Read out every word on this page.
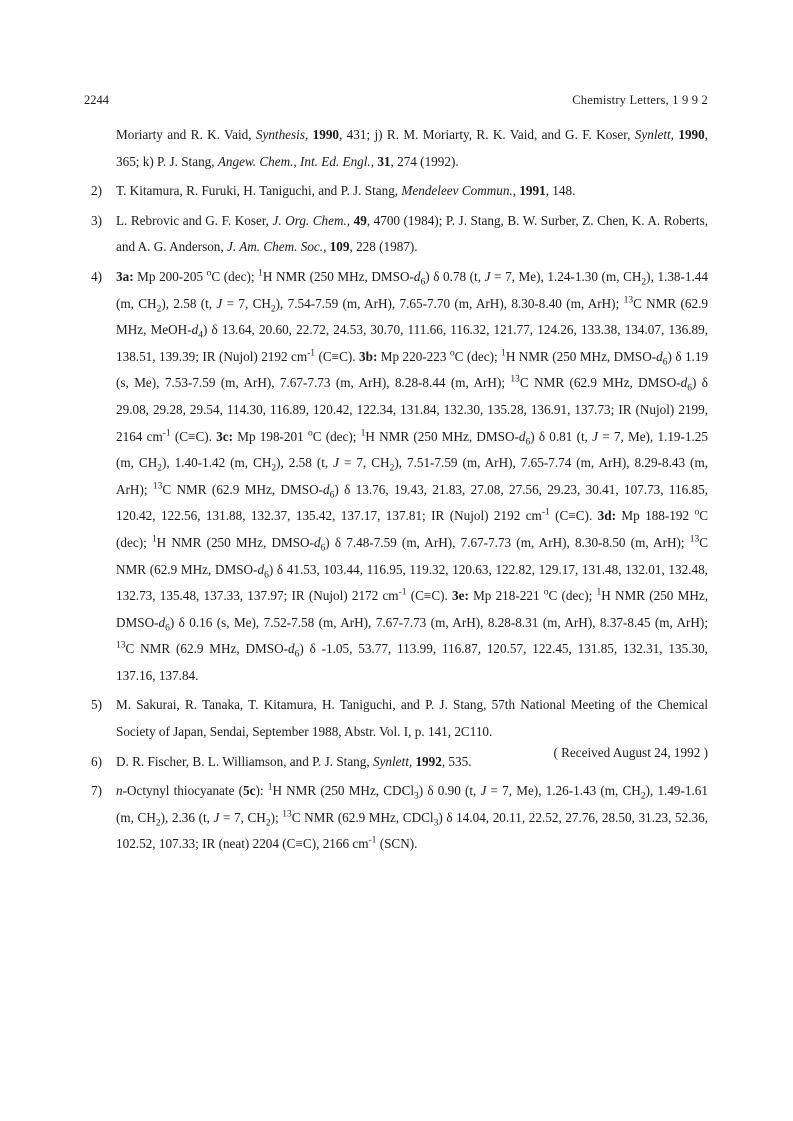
2244	Chemistry Letters, 1 9 9 2
Moriarty and R. K. Vaid, Synthesis, 1990, 431; j) R. M. Moriarty, R. K. Vaid, and G. F. Koser, Synlett, 1990, 365; k) P. J. Stang, Angew. Chem., Int. Ed. Engl., 31, 274 (1992).
2) T. Kitamura, R. Furuki, H. Taniguchi, and P. J. Stang, Mendeleev Commun., 1991, 148.
3) L. Rebrovic and G. F. Koser, J. Org. Chem., 49, 4700 (1984); P. J. Stang, B. W. Surber, Z. Chen, K. A. Roberts, and A. G. Anderson, J. Am. Chem. Soc., 109, 228 (1987).
4) 3a: Mp 200-205 $^o$C (dec); $^1$H NMR (250 MHz, DMSO-$d_6$) δ 0.78 (t, J = 7, Me), 1.24-1.30 (m, $CH_2$), 1.38-1.44 (m, $CH_2$), 2.58 (t, J = 7, $CH_2$), 7.54-7.59 (m, ArH), 7.65-7.70 (m, ArH), 8.30-8.40 (m, ArH); $^{13}$C NMR (62.9 MHz, MeOH-$d_4$) δ 13.64, 20.60, 22.72, 24.53, 30.70, 111.66, 116.32, 121.77, 124.26, 133.38, 134.07, 136.89, 138.51, 139.39; IR (Nujol) 2192 $cm^{-1}$ (C≡C). 3b: Mp 220-223 $^o$C (dec); $^1$H NMR (250 MHz, DMSO-$d_6$) δ 1.19 (s, Me), 7.53-7.59 (m, ArH), 7.67-7.73 (m, ArH), 8.28-8.44 (m, ArH); $^{13}$C NMR (62.9 MHz, DMSO-$d_6$) δ 29.08, 29.28, 29.54, 114.30, 116.89, 120.42, 122.34, 131.84, 132.30, 135.28, 136.91, 137.73; IR (Nujol) 2199, 2164 $cm^{-1}$ (C≡C). 3c: Mp 198-201 $^o$C (dec); $^1$H NMR (250 MHz, DMSO-$d_6$) δ 0.81 (t, J = 7, Me), 1.19-1.25 (m, $CH_2$), 1.40-1.42 (m, $CH_2$), 2.58 (t, J = 7, $CH_2$), 7.51-7.59 (m, ArH), 7.65-7.74 (m, ArH), 8.29-8.43 (m, ArH); $^{13}$C NMR (62.9 MHz, DMSO-$d_6$) δ 13.76, 19.43, 21.83, 27.08, 27.56, 29.23, 30.41, 107.73, 116.85, 120.42, 122.56, 131.88, 132.37, 135.42, 137.17, 137.81; IR (Nujol) 2192 $cm^{-1}$ (C≡C). 3d: Mp 188-192 $^o$C (dec); $^1$H NMR (250 MHz, DMSO-$d_6$) δ 7.48-7.59 (m, ArH), 7.67-7.73 (m, ArH), 8.30-8.50 (m, ArH); $^{13}$C NMR (62.9 MHz, DMSO-$d_6$) δ 41.53, 103.44, 116.95, 119.32, 120.63, 122.82, 129.17, 131.48, 132.01, 132.48, 132.73, 135.48, 137.33, 137.97; IR (Nujol) 2172 $cm^{-1}$ (C≡C). 3e: Mp 218-221 $^o$C (dec); $^1$H NMR (250 MHz, DMSO-$d_6$) δ 0.16 (s, Me), 7.52-7.58 (m, ArH), 7.67-7.73 (m, ArH), 8.28-8.31 (m, ArH), 8.37-8.45 (m, ArH); $^{13}$C NMR (62.9 MHz, DMSO-$d_6$) δ -1.05, 53.77, 113.99, 116.87, 120.57, 122.45, 131.85, 132.31, 135.30, 137.16, 137.84.
5) M. Sakurai, R. Tanaka, T. Kitamura, H. Taniguchi, and P. J. Stang, 57th National Meeting of the Chemical Society of Japan, Sendai, September 1988, Abstr. Vol. I, p. 141, 2C110.
6) D. R. Fischer, B. L. Williamson, and P. J. Stang, Synlett, 1992, 535.
7) n-Octynyl thiocyanate (5c): $^1$H NMR (250 MHz, CDCl$_3$) δ 0.90 (t, J = 7, Me), 1.26-1.43 (m, $CH_2$), 1.49-1.61 (m, $CH_2$), 2.36 (t, J = 7, $CH_2$); $^{13}$C NMR (62.9 MHz, CDCl$_3$) δ 14.04, 20.11, 22.52, 27.76, 28.50, 31.23, 52.36, 102.52, 107.33; IR (neat) 2204 (C≡C), 2166 $cm^{-1}$ (SCN).
( Received August 24, 1992 )
